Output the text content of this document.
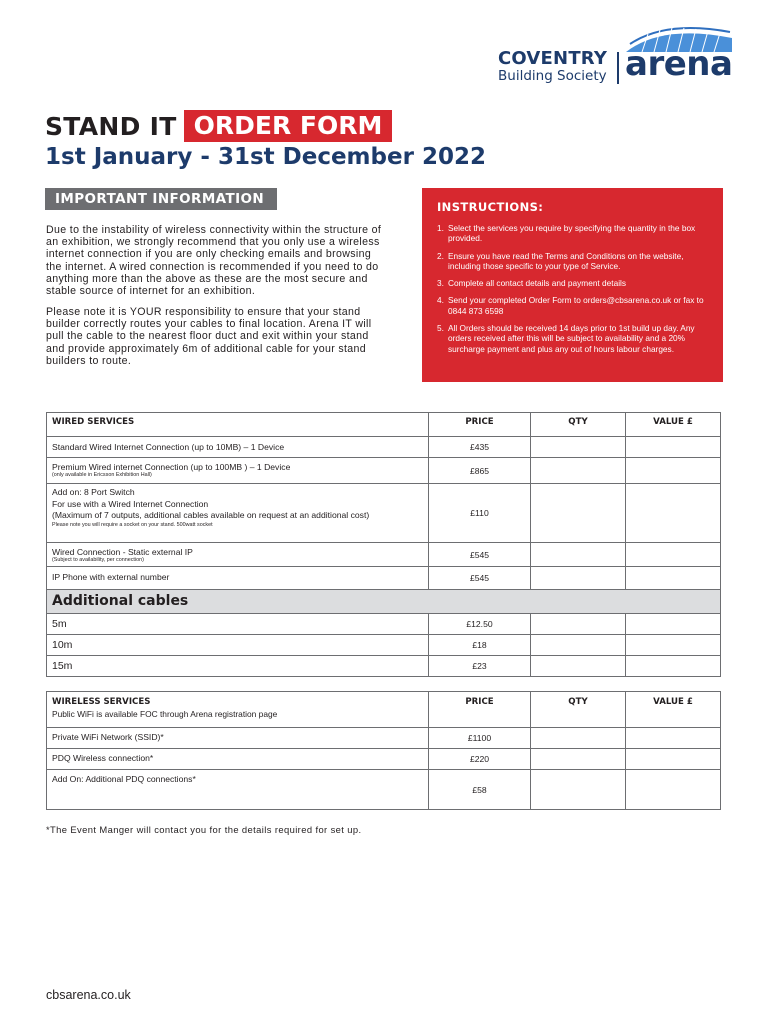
COVENTRY
Building Society arena
STAND IT ORDER FORM
1st January - 31st December 2022
IMPORTANT INFORMATION
Due to the instability of wireless connectivity within the structure of an exhibition, we strongly recommend that you only use a wireless internet connection if you are only checking emails and browsing the internet. A wired connection is recommended if you need to do anything more than the above as these are the most secure and stable source of internet for an exhibition.
Please note it is YOUR responsibility to ensure that your stand builder correctly routes your cables to final location. Arena IT will pull the cable to the nearest floor duct and exit within your stand and provide approximately 6m of additional cable for your stand builders to route.
INSTRUCTIONS:
1. Select the services you require by specifying the quantity in the box provided.
2. Ensure you have read the Terms and Conditions on the website, including those specific to your type of Service.
3. Complete all contact details and payment details
4. Send your completed Order Form to orders@cbsarena.co.uk or fax to 0844 873 6598
5. All Orders should be received 14 days prior to 1st build up day. Any orders received after this will be subject to availability and a 20% surcharge payment and plus any out of hours labour charges.
WIRED SERVICES	PRICE	QTY	VALUE £
Standard Wired Internet Connection (up to 10MB) – 1 Device	£435		
Premium Wired internet Connection (up to 100MB ) – 1 Device
(only available in Ericsson Exhibition Hall)	£865		

Add on: 8 Port Switch
For use with a Wired Internet Connection
(Maximum of 7 outputs, additional cables available on request at an additional cost)
Please note you will require a socket on your stand. 500watt socket	£110		
Wired Connection - Static external IP
(Subject to availability, per connection)	£545		
IP Phone with external number	£545		
Additional cables			
5m	£12.50		
10m	£18		
15m	£23		
WIRELESS SERVICES
Public WiFi is available FOC through Arena registration page	PRICE	QTY	VALUE £
Private WiFi Network (SSID)*	£1100		
PDQ Wireless connection*	£220		
Add On: Additional PDQ connections*	£58		
*The Event Manger will contact you for the details required for set up.
cbsarena.co.uk
